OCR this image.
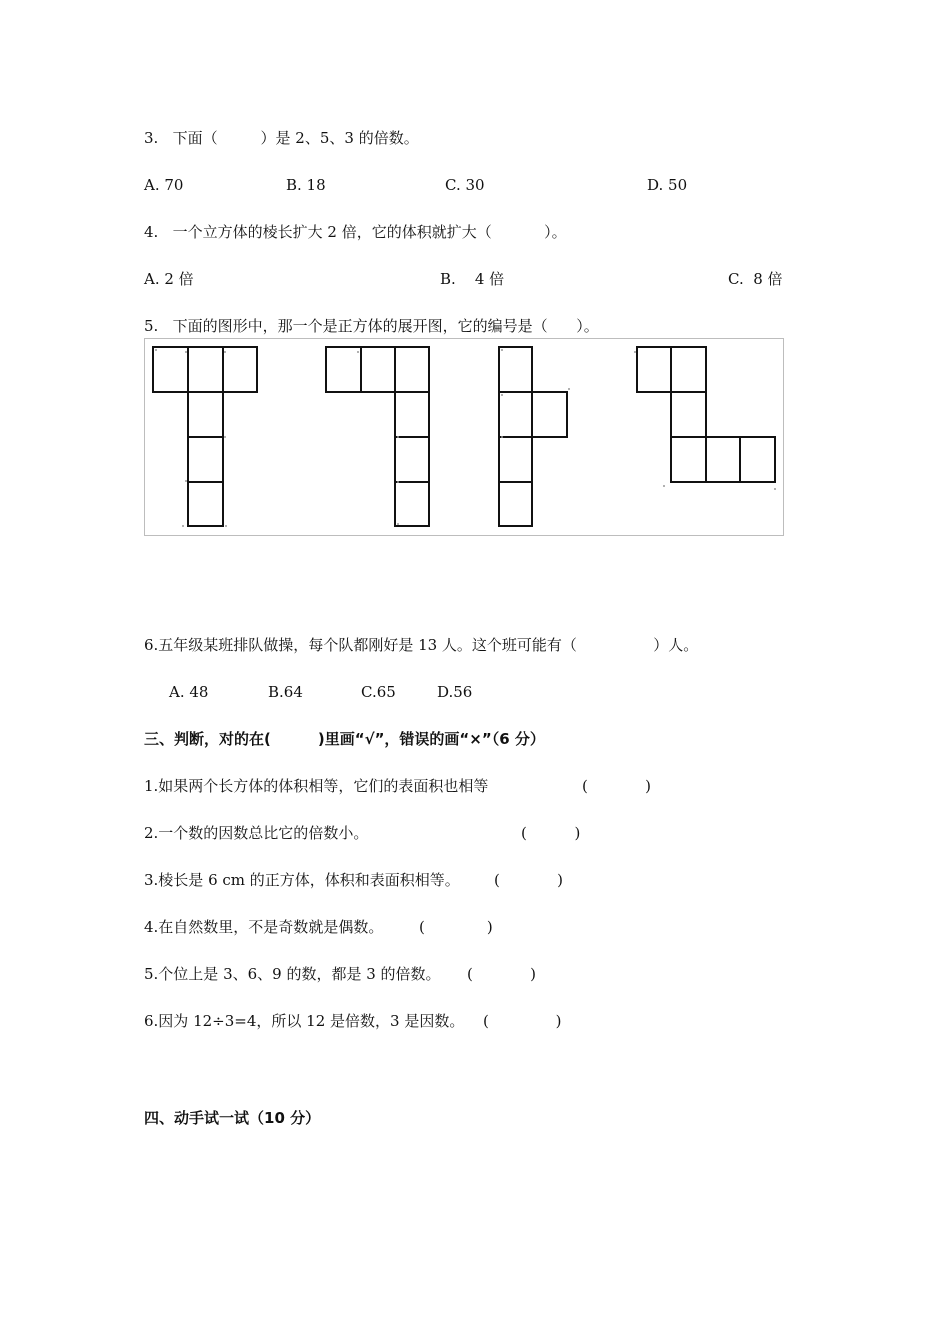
3.   下面（         ）是 2、5、3 的倍数。
A. 70	B. 18	C. 30	D. 50
4.   一个立方体的棱长扩大 2 倍，它的体积就扩大（           ）。
A. 2 倍	B.    4 倍	C.  8 倍
5.   下面的图形中，那一个是正方体的展开图，它的编号是（      ）。
6.五年级某班排队做操，每个队都刚好是 13 人。这个班可能有（                ）人。
A. 48	B.64	C.65	D.56
三、判断，对的在(         )里画“√”，错误的画“×”（6 分）
1.如果两个长方体的体积相等，它们的表面积也相等	(            )
2.一个数的因数总比它的倍数小。	(          )
3.棱长是 6 cm 的正方体，体积和表面积相等。 (            )
4.在自然数里，不是奇数就是偶数。 (             )
5.个位上是 3、6、9 的数，都是 3 的倍数。 (            )
6.因为 12÷3=4，所以 12 是倍数，3 是因数。 (              )
四、动手试一试（10 分）
